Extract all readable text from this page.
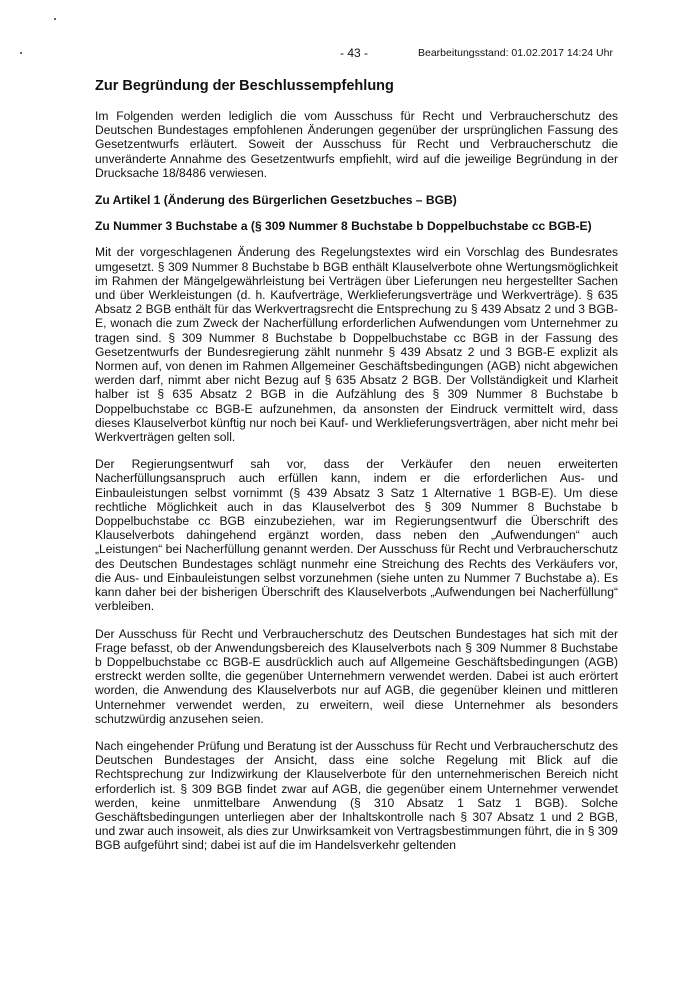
- 43 -	Bearbeitungsstand: 01.02.2017 14:24 Uhr
Zur Begründung der Beschlussempfehlung

Im Folgenden werden lediglich die vom Ausschuss für Recht und Verbraucherschutz des Deutschen Bundestages empfohlenen Änderungen gegenüber der ursprünglichen Fassung des Gesetzentwurfs erläutert. Soweit der Ausschuss für Recht und Verbraucherschutz die unveränderte Annahme des Gesetzentwurfs empfiehlt, wird auf die jeweilige Begründung in der Drucksache 18/8486 verwiesen.

Zu Artikel 1 (Änderung des Bürgerlichen Gesetzbuches – BGB)
Zu Nummer 3 Buchstabe a (§ 309 Nummer 8 Buchstabe b Doppelbuchstabe cc BGB-E)

Mit der vorgeschlagenen Änderung des Regelungstextes wird ein Vorschlag des Bundesrates umgesetzt. § 309 Nummer 8 Buchstabe b BGB enthält Klauselverbote ohne Wertungsmöglichkeit im Rahmen der Mängelgewährleistung bei Verträgen über Lieferungen neu hergestellter Sachen und über Werkleistungen (d. h. Kaufverträge, Werklieferungsverträge und Werkverträge). § 635 Absatz 2 BGB enthält für das Werkvertragsrecht die Entsprechung zu § 439 Absatz 2 und 3 BGB-E, wonach die zum Zweck der Nacherfüllung erforderlichen Aufwendungen vom Unternehmer zu tragen sind. § 309 Nummer 8 Buchstabe b Doppelbuchstabe cc BGB in der Fassung des Gesetzentwurfs der Bundesregierung zählt nunmehr § 439 Absatz 2 und 3 BGB-E explizit als Normen auf, von denen im Rahmen Allgemeiner Geschäftsbedingungen (AGB) nicht abgewichen werden darf, nimmt aber nicht Bezug auf § 635 Absatz 2 BGB. Der Vollständigkeit und Klarheit halber ist § 635 Absatz 2 BGB in die Aufzählung des § 309 Nummer 8 Buchstabe b Doppelbuchstabe cc BGB-E aufzunehmen, da ansonsten der Eindruck vermittelt wird, dass dieses Klauselverbot künftig nur noch bei Kauf- und Werklieferungsverträgen, aber nicht mehr bei Werkverträgen gelten soll.

Der Regierungsentwurf sah vor, dass der Verkäufer den neuen erweiterten Nacherfüllungsanspruch auch erfüllen kann, indem er die erforderlichen Aus- und Einbauleistungen selbst vornimmt (§ 439 Absatz 3 Satz 1 Alternative 1 BGB-E). Um diese rechtliche Möglichkeit auch in das Klauselverbot des § 309 Nummer 8 Buchstabe b Doppelbuchstabe cc BGB einzubeziehen, war im Regierungsentwurf die Überschrift des Klauselverbots dahingehend ergänzt worden, dass neben den „Aufwendungen“ auch „Leistungen“ bei Nacherfüllung genannt werden. Der Ausschuss für Recht und Verbraucherschutz des Deutschen Bundestages schlägt nunmehr eine Streichung des Rechts des Verkäufers vor, die Aus- und Einbauleistungen selbst vorzunehmen (siehe unten zu Nummer 7 Buchstabe a). Es kann daher bei der bisherigen Überschrift des Klauselverbots „Aufwendungen bei Nacherfüllung“ verbleiben.

Der Ausschuss für Recht und Verbraucherschutz des Deutschen Bundestages hat sich mit der Frage befasst, ob der Anwendungsbereich des Klauselverbots nach § 309 Nummer 8 Buchstabe b Doppelbuchstabe cc BGB-E ausdrücklich auch auf Allgemeine Geschäftsbedingungen (AGB) erstreckt werden sollte, die gegenüber Unternehmern verwendet werden. Dabei ist auch erörtert worden, die Anwendung des Klauselverbots nur auf AGB, die gegenüber kleinen und mittleren Unternehmer verwendet werden, zu erweitern, weil diese Unternehmer als besonders schutzwürdig anzusehen seien.

Nach eingehender Prüfung und Beratung ist der Ausschuss für Recht und Verbraucherschutz des Deutschen Bundestages der Ansicht, dass eine solche Regelung mit Blick auf die Rechtsprechung zur Indizwirkung der Klauselverbote für den unternehmerischen Bereich nicht erforderlich ist. § 309 BGB findet zwar auf AGB, die gegenüber einem Unternehmer verwendet werden, keine unmittelbare Anwendung (§ 310 Absatz 1 Satz 1 BGB). Solche Geschäftsbedingungen unterliegen aber der Inhaltskontrolle nach § 307 Absatz 1 und 2 BGB, und zwar auch insoweit, als dies zur Unwirksamkeit von Vertragsbestimmungen führt, die in § 309 BGB aufgeführt sind; dabei ist auf die im Handelsverkehr geltenden
